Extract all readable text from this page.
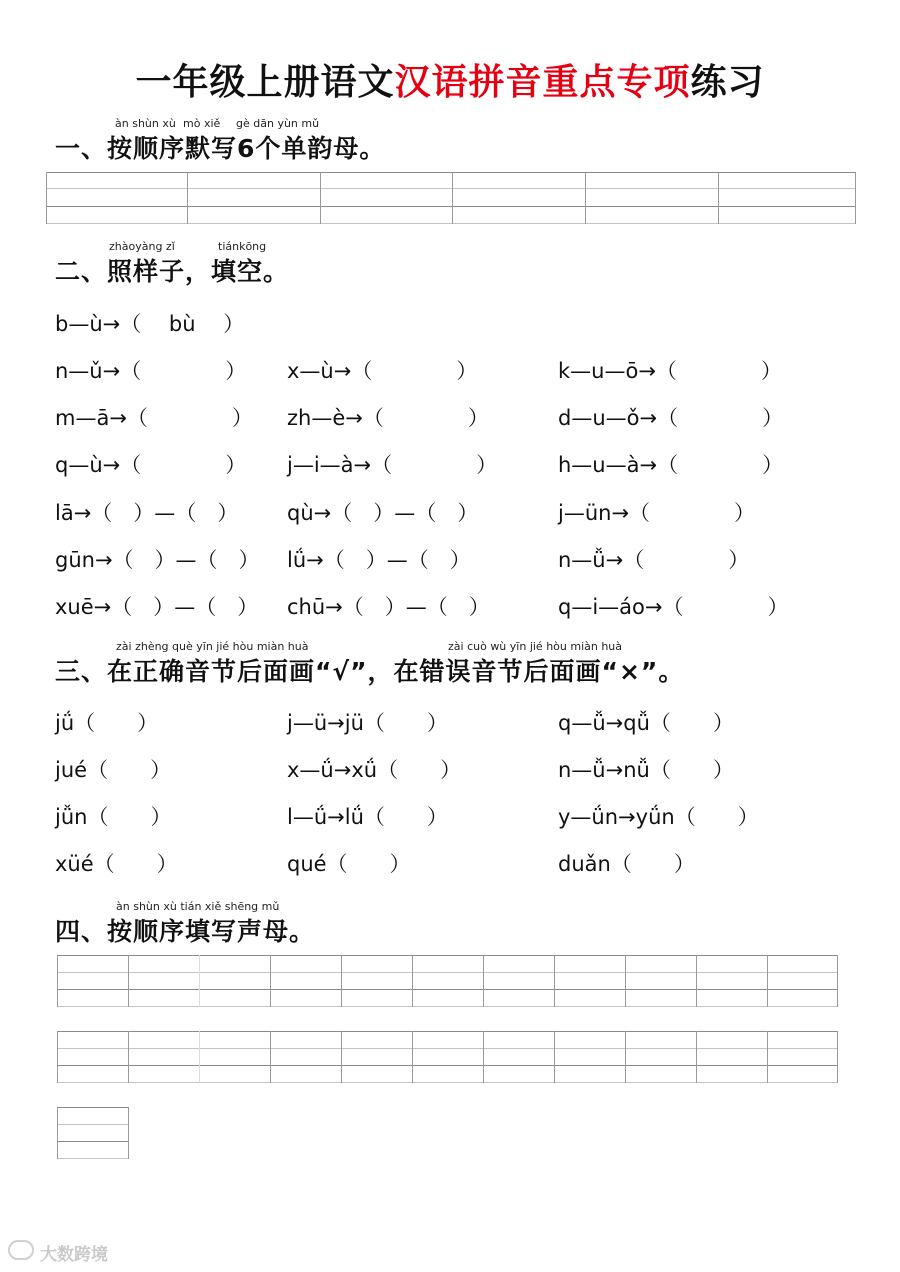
一年级上册语文汉语拼音重点专项练习
àn shùn xù mò xiě gè dān yùn mǔ
一、按顺序默写6个单韵母。
zhàoyàng zǐ	tiánkōng
二、照样子，填空。
b—ù→（　 bù 　）
n—ǔ→（　　　　） x—ù→（　　　　）	k—u—ō→（　　　　）
m—ā→（　　　　） zh—è→（　　　　）	d—u—ǒ→（　　　　）
q—ù→（　　　　） j—i—à→（　　　　）	h—u—à→（　　　　）
lā→（　）—（　） qù→（　）—（　）	j—ün→（　　　　）
gūn→（　）—（　） lǘ→（　）—（　）	n—ǚ→（　　　　）
xuē→（　）—（　） chū→（　）—（　）	q—i—áo→（　　　　）
zài zhèng què yīn jié hòu miàn huà	zài cuò wù yīn jié hòu miàn huà
三、在正确音节后面画“√”，在错误音节后面画“×”。
jǘ（　　）	j—ü→jü（　　）	q—ǚ→qǚ（　　）
jué（　　）	x—ǘ→xǘ（　　）	n—ǚ→nǚ（　　）
jǚn（　　）	l—ǘ→lǘ（　　）	y—ǘn→yǘn（　　）
xüé（　　）	qué（　　）	duǎn（　　）
àn shùn xù tián xiě shēng mǔ
四、按顺序填写声母。
大数跨境
